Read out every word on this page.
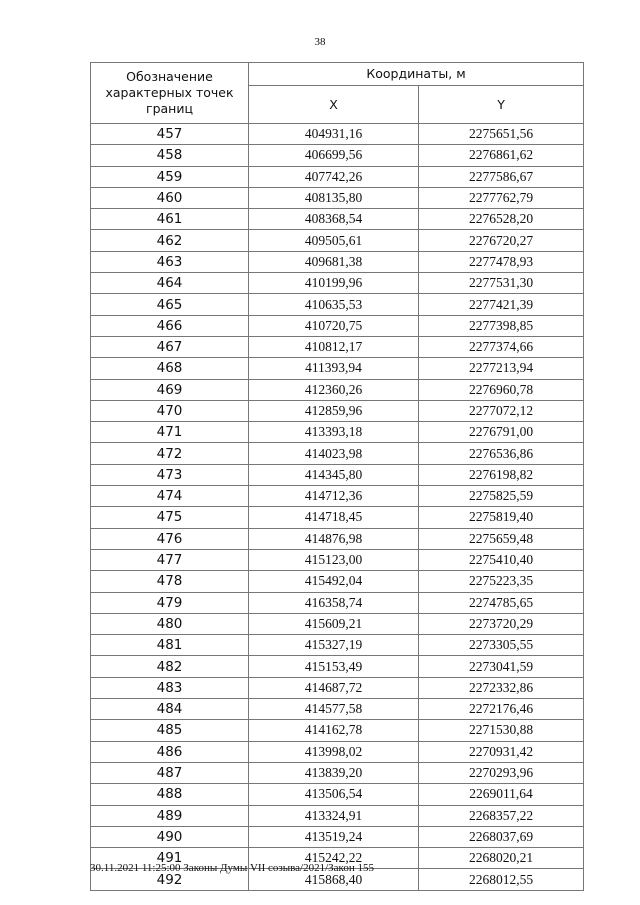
38
Обозначение характерных точек границ	Координаты, м	
	X	Y
457	404931,16	2275651,56
458	406699,56	2276861,62
459	407742,26	2277586,67
460	408135,80	2277762,79
461	408368,54	2276528,20
462	409505,61	2276720,27
463	409681,38	2277478,93
464	410199,96	2277531,30
465	410635,53	2277421,39
466	410720,75	2277398,85
467	410812,17	2277374,66
468	411393,94	2277213,94
469	412360,26	2276960,78
470	412859,96	2277072,12
471	413393,18	2276791,00
472	414023,98	2276536,86
473	414345,80	2276198,82
474	414712,36	2275825,59
475	414718,45	2275819,40
476	414876,98	2275659,48
477	415123,00	2275410,40
478	415492,04	2275223,35
479	416358,74	2274785,65
480	415609,21	2273720,29
481	415327,19	2273305,55
482	415153,49	2273041,59
483	414687,72	2272332,86
484	414577,58	2272176,46
485	414162,78	2271530,88
486	413998,02	2270931,42
487	413839,20	2270293,96
488	413506,54	2269011,64
489	413324,91	2268357,22
490	413519,24	2268037,69
491	415242,22	2268020,21
492	415868,40	2268012,55
30.11.2021 11:25:00 Законы Думы VII созыва/2021/Закон 155
